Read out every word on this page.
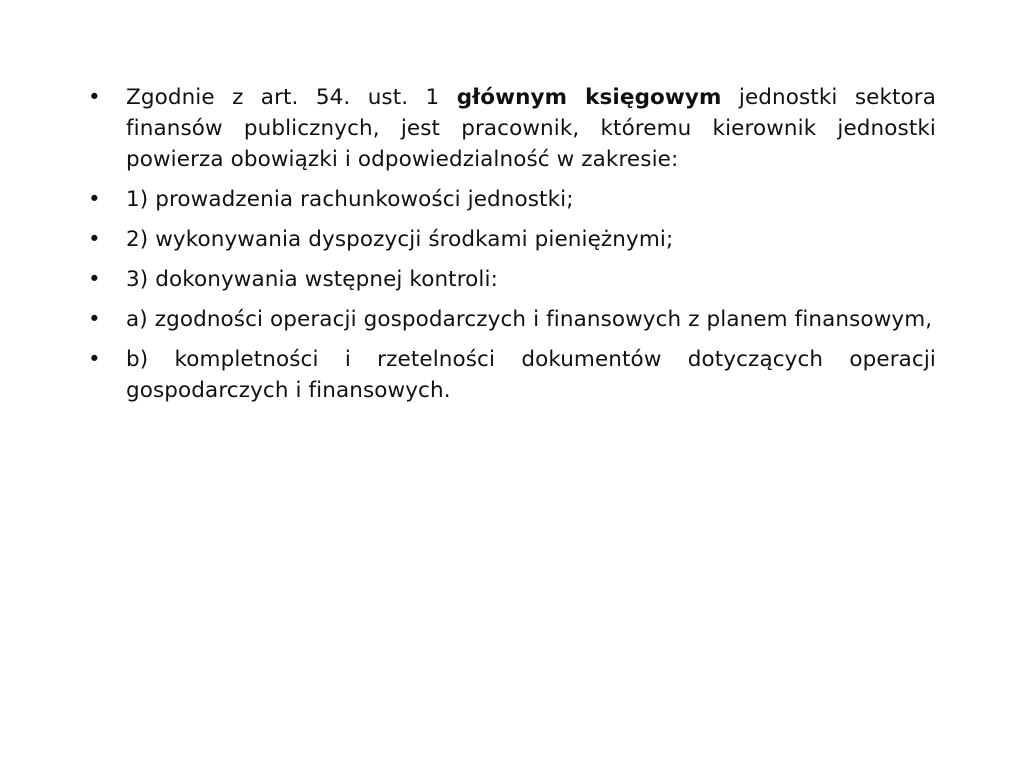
• Zgodnie z art. 54. ust. 1 głównym księgowym jednostki sektora finansów publicznych, jest pracownik, któremu kierownik jednostki powierza obowiązki i odpowiedzialność w zakresie:
• 1) prowadzenia rachunkowości jednostki;
• 2) wykonywania dyspozycji środkami pieniężnymi;
• 3) dokonywania wstępnej kontroli:
• a) zgodności operacji gospodarczych i finansowych z planem finansowym,
• b) kompletności i rzetelności dokumentów dotyczących operacji gospodarczych i finansowych.
